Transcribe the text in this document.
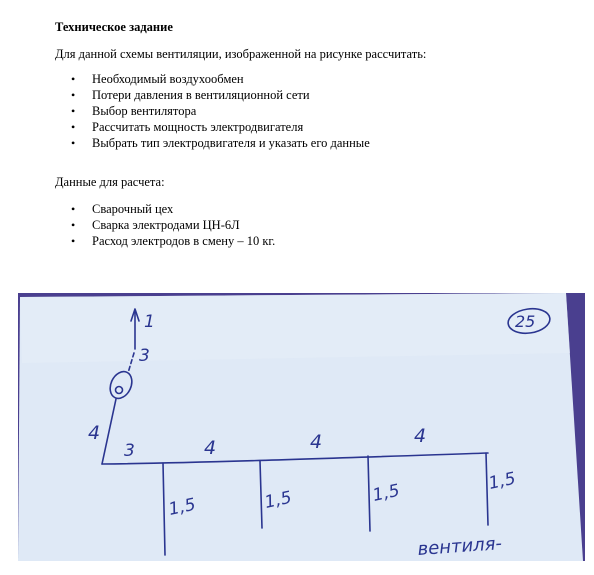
Техническое задание

Для данной схемы вентиляции, изображенной на рисунке рассчитать:

• Необходимый воздухообмен
• Потери давления в вентиляционной сети
• Выбор вентилятора
• Рассчитать мощность электродвигателя
• Выбрать тип электродвигателя и указать его данные

Данные для расчета:

• Сварочный цех
• Сварка электродами ЦН-6Л
• Расход электродов в смену – 10 кг.
1
3
4
3	4	4	4
1,5	1,5	1,5	1,5
25
вентиля-
